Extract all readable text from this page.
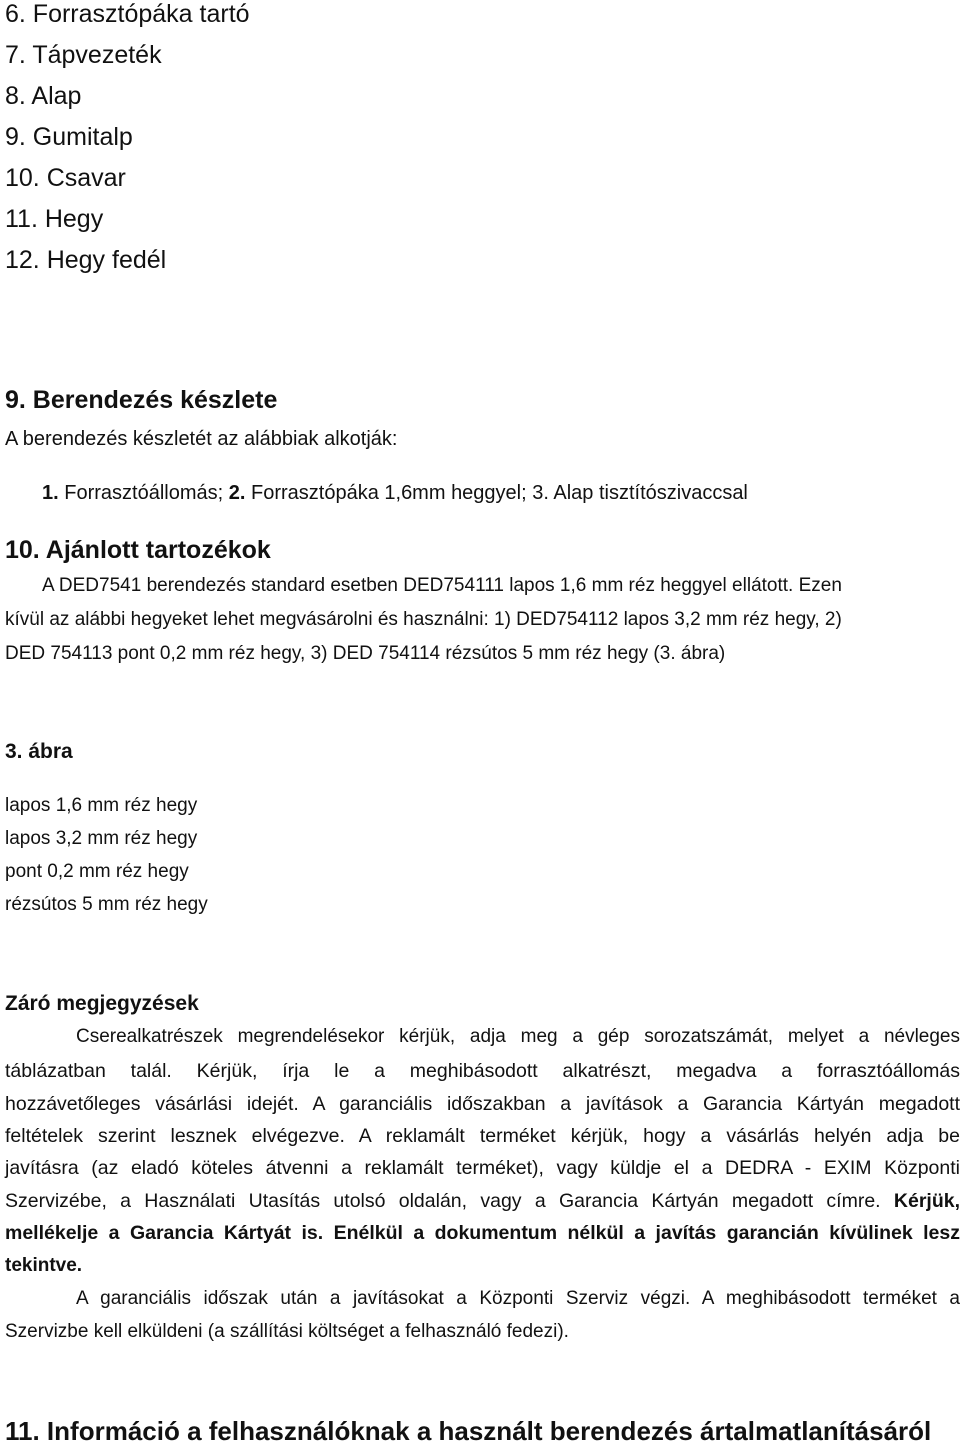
6. Forrasztópáka tartó
7. Tápvezeték
8. Alap
9. Gumitalp
10. Csavar
11. Hegy
12. Hegy fedél
9. Berendezés készlete
A berendezés készletét az alábbiak alkotják:
1. Forrasztóállomás; 2. Forrasztópáka 1,6mm heggyel; 3. Alap tisztítószivaccsal
10. Ajánlott tartozékok
A DED7541 berendezés standard esetben DED754111 lapos 1,6 mm réz heggyel ellátott. Ezen
kívül az alábbi hegyeket lehet megvásárolni és használni: 1) DED754112 lapos 3,2 mm réz hegy, 2)
DED 754113 pont 0,2 mm réz hegy, 3) DED 754114 rézsútos 5 mm réz hegy (3. ábra)
3. ábra
lapos 1,6 mm réz hegy
lapos 3,2 mm réz hegy
pont 0,2 mm réz hegy
rézsútos 5 mm réz hegy
Záró megjegyzések
Cserealkatrészek megrendelésekor kérjük, adja meg a gép sorozatszámát, melyet a névleges
táblázatban talál. Kérjük, írja le a meghibásodott alkatrészt, megadva a forrasztóállomás
hozzávetőleges vásárlási idejét. A garanciális időszakban a javítások a Garancia Kártyán megadott
feltételek szerint lesznek elvégezve. A reklamált terméket kérjük, hogy a vásárlás helyén adja be
javításra (az eladó köteles átvenni a reklamált terméket), vagy küldje el a DEDRA - EXIM Központi
Szervizébe, a Használati Utasítás utolsó oldalán, vagy a Garancia Kártyán megadott címre. Kérjük,
mellékelje a Garancia Kártyát is. Enélkül a dokumentum nélkül a javítás garancián kívülinek lesz
tekintve.
A garanciális időszak után a javításokat a Központi Szerviz végzi. A meghibásodott terméket a
Szervizbe kell elküldeni (a szállítási költséget a felhasználó fedezi).
11. Információ a felhasználóknak a használt berendezés ártalmatlanításáról
